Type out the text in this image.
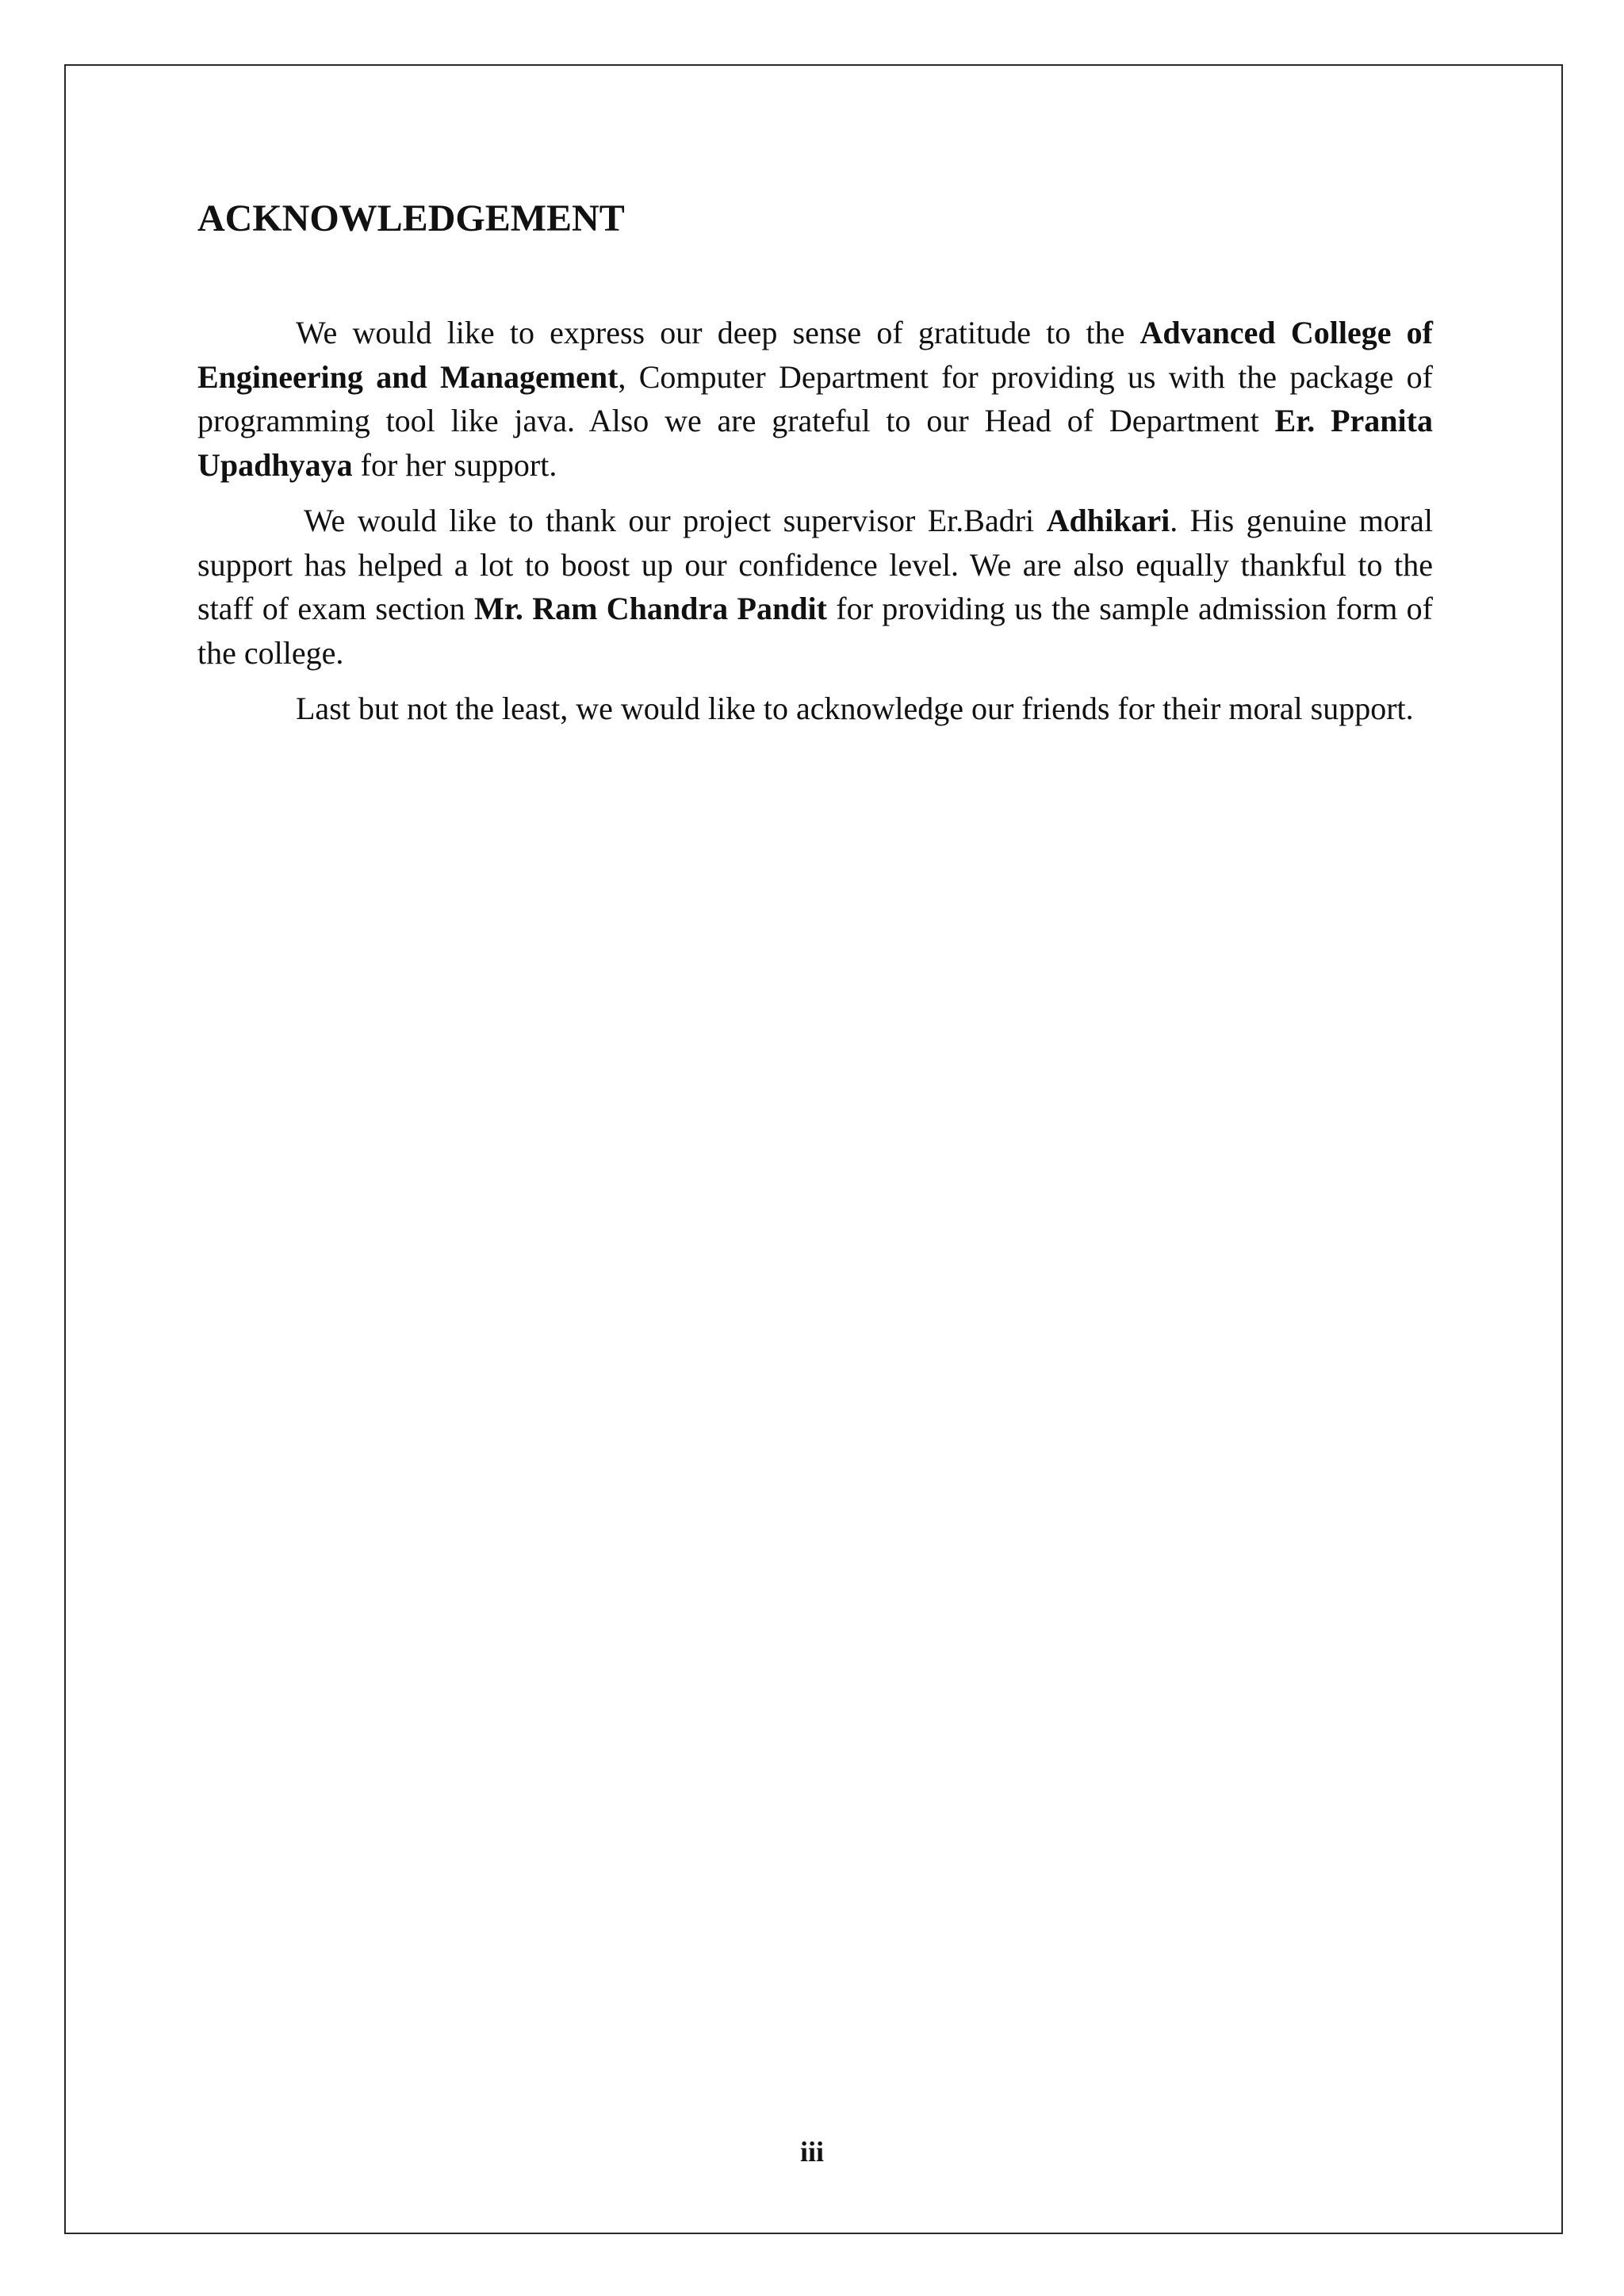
ACKNOWLEDGEMENT

We would like to express our deep sense of gratitude to the Advanced College of Engineering and Management, Computer Department for providing us with the package of programming tool like java. Also we are grateful to our Head of Department Er. Pranita Upadhyaya for her support.

We would like to thank our project supervisor Er.Badri Adhikari. His genuine moral support has helped a lot to boost up our confidence level. We are also equally thankful to the staff of exam section Mr. Ram Chandra Pandit for providing us the sample admission form of the college.

Last but not the least, we would like to acknowledge our friends for their moral support.

iii
